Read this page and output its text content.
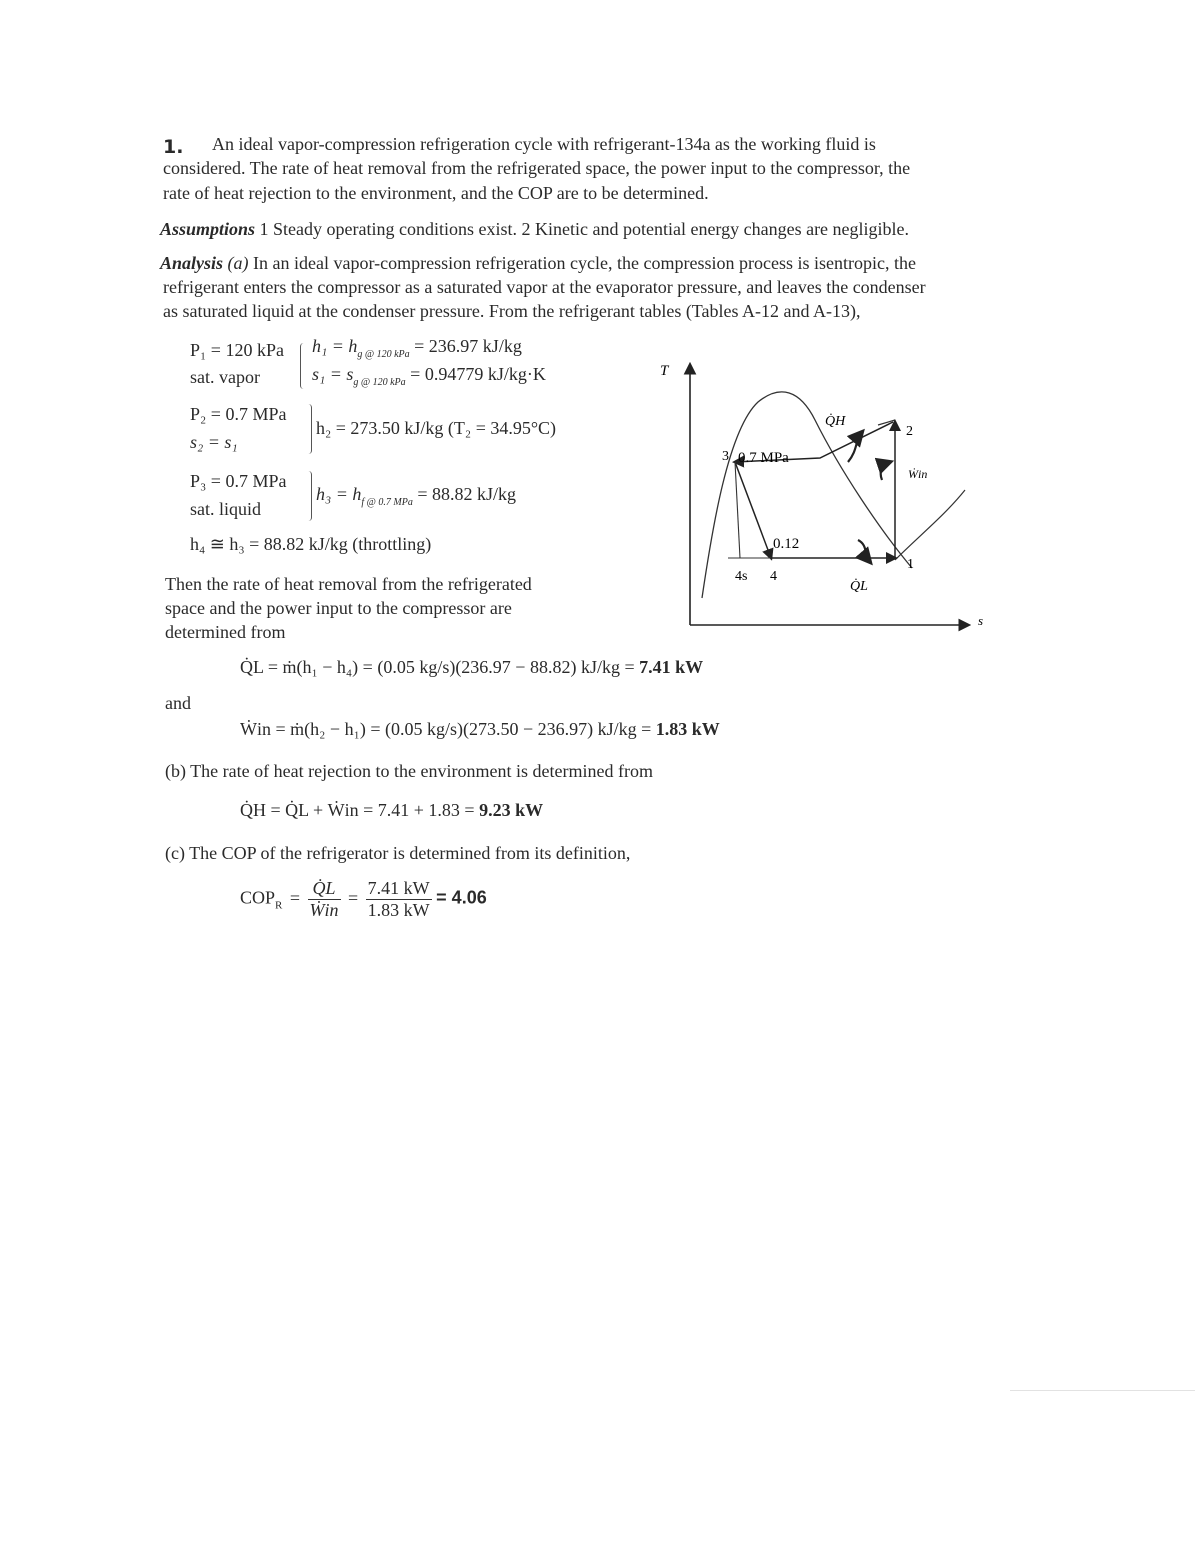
1. An ideal vapor-compression refrigeration cycle with refrigerant-134a as the working fluid is
considered. The rate of heat removal from the refrigerated space, the power input to the compressor, the
rate of heat rejection to the environment, and the COP are to be determined.
Assumptions 1 Steady operating conditions exist. 2 Kinetic and potential energy changes are negligible.
Analysis (a) In an ideal vapor-compression refrigeration cycle, the compression process is isentropic, the
refrigerant enters the compressor as a saturated vapor at the evaporator pressure, and leaves the condenser
as saturated liquid at the condenser pressure. From the refrigerant tables (Tables A-12 and A-13),
P₁ = 120 kPa
sat. vapor
$h_1 = h_{g @ 120 kPa} = 236.97$ kJ/kg
$s_1 = s_{g @ 120 kPa} = 0.94779$ kJ/kg·K
P₂ = 0.7 MPa
s₂ = s₁
h₂ = 273.50 kJ/kg (T₂ = 34.95°C)
P₃ = 0.7 MPa
sat. liquid
$h_3 = h_{f @ 0.7 MPa} = 88.82$ kJ/kg
h₄ ≅ h₃ = 88.82 kJ/kg (throttling)
Then the rate of heat removal from the refrigerated
space and the power input to the compressor are
determined from
Q̇L = ṁ(h₁ − h₄) = (0.05 kg/s)(236.97 − 88.82) kJ/kg = 7.41 kW
and
Ẇin = ṁ(h₂ − h₁) = (0.05 kg/s)(273.50 − 236.97) kJ/kg = 1.83 kW
(b) The rate of heat rejection to the environment is determined from
Q̇H = Q̇L + Ẇin = 7.41 + 1.83 = 9.23 kW
(c) The COP of the refrigerator is determined from its definition,
$COP_R = \frac{Q̇L}{Ẇin} = \frac{7.41 kW}{1.83 kW} = 4.06$
T
s
Q̇H
Q̇L
Ẇin
0.7 MPa
0.12
1
2
3
4s 4
